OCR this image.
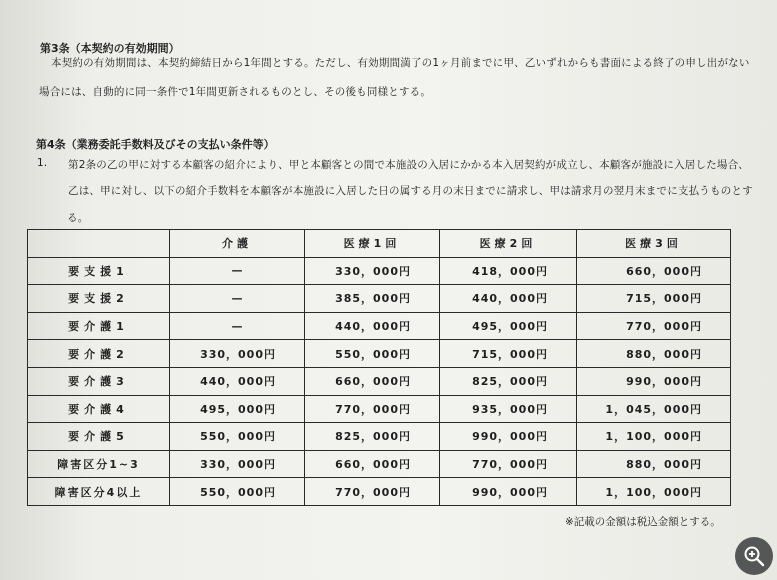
第3条（本契約の有効期間）
本契約の有効期間は、本契約締結日から1年間とする。ただし、有効期間満了の1ヶ月前までに甲、乙いずれからも書面による終了の申し出がない
場合には、自動的に同一条件で1年間更新されるものとし、その後も同様とする。
第4条（業務委託手数料及びその支払い条件等）
1. 第2条の乙の甲に対する本顧客の紹介により、甲と本顧客との間で本施設の入居にかかる本入居契約が成立し、本顧客が施設に入居した場合、
乙は、甲に対し、以下の紹介手数料を本顧客が本施設に入居した日の属する月の末日までに請求し、甲は請求月の翌月末までに支払うものとす
る。
	介護	医療1回	医療2回	医療3回
要支援1	—	330，000円	418，000円	660，000円
要支援2	—	385，000円	440，000円	715，000円
要介護1	—	440，000円	495，000円	770，000円
要介護2	330，000円	550，000円	715，000円	880，000円
要介護3	440，000円	660，000円	825，000円	990，000円
要介護4	495，000円	770，000円	935，000円	1，045，000円
要介護5	550，000円	825，000円	990，000円	1，100，000円
障害区分1~3	330，000円	660，000円	770，000円	880，000円
障害区分4以上	550，000円	770，000円	990，000円	1，100，000円
※記載の金額は税込金額とする。
